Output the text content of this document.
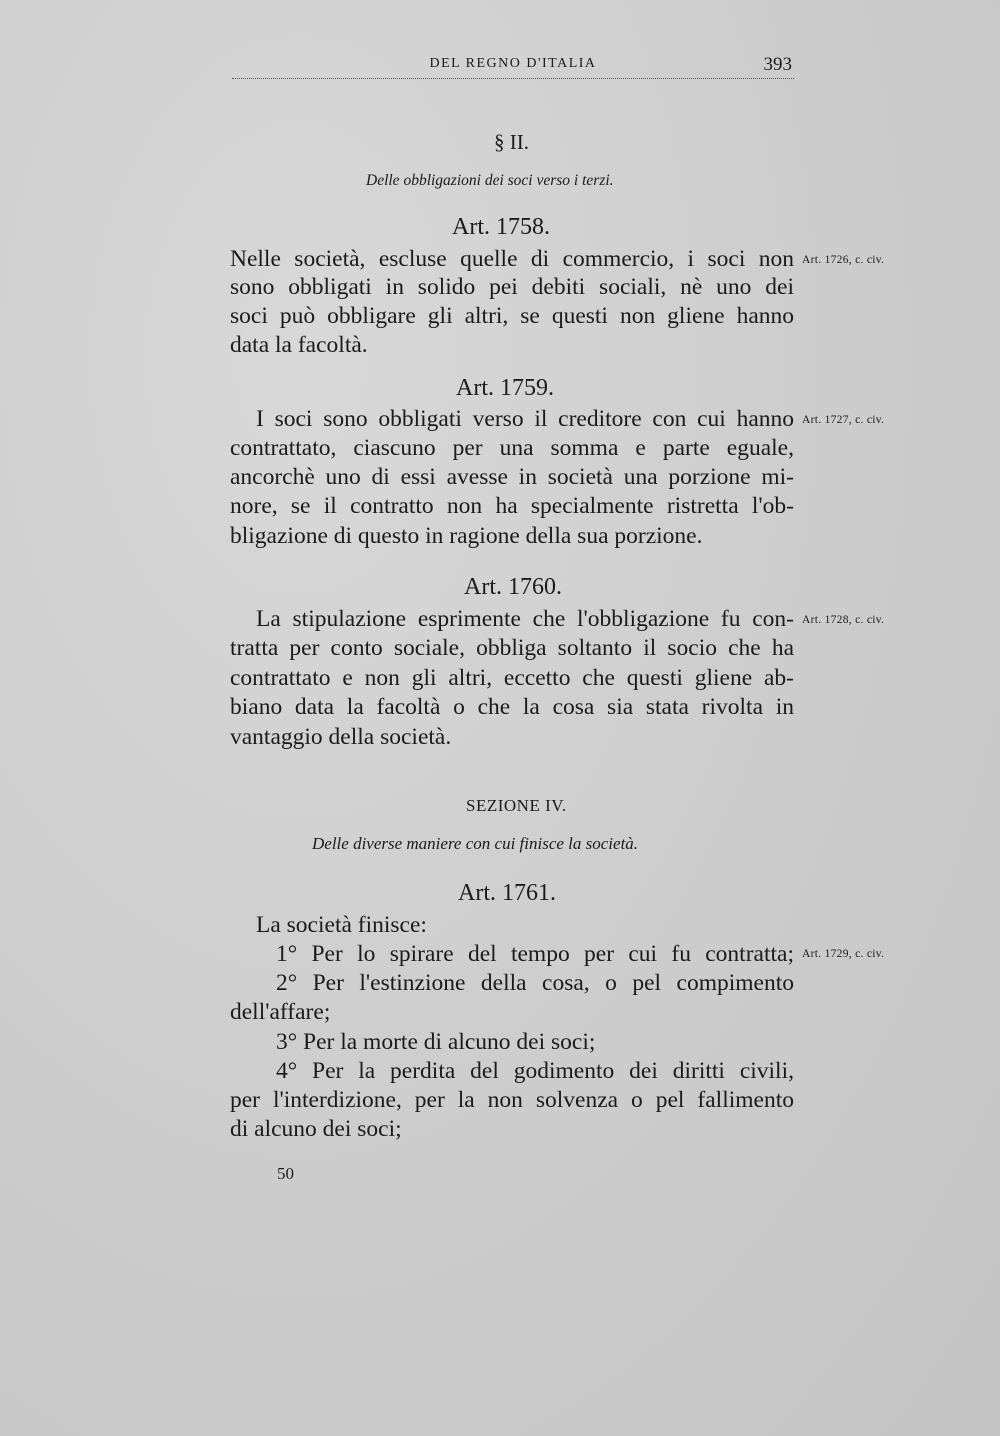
DEL REGNO D'ITALIA	393
§ II.
Delle obbligazioni dei soci verso i terzi.
Art. 1758.
Nelle società, escluse quelle di commercio, i soci non Art. 1726, c. civ.
sono obbligati in solido pei debiti sociali, nè uno dei
soci può obbligare gli altri, se questi non gliene hanno
data la facoltà.
Art. 1759.
I soci sono obbligati verso il creditore con cui hanno Art. 1727, c. civ.
contrattato, ciascuno per una somma e parte eguale,
ancorchè uno di essi avesse in società una porzione mi-
nore, se il contratto non ha specialmente ristretta l'ob-
bligazione di questo in ragione della sua porzione.
Art. 1760.
La stipulazione esprimente che l'obbligazione fu con- Art. 1728, c. civ.
tratta per conto sociale, obbliga soltanto il socio che ha
contrattato e non gli altri, eccetto che questi gliene ab-
biano data la facoltà o che la cosa sia stata rivolta in
vantaggio della società.
SEZIONE IV.
Delle diverse maniere con cui finisce la società.
Art. 1761.
La società finisce:
1° Per lo spirare del tempo per cui fu contratta; Art. 1729, c. civ.
2° Per l'estinzione della cosa, o pel compimento
dell'affare;
3° Per la morte di alcuno dei soci;
4° Per la perdita del godimento dei diritti civili,
per l'interdizione, per la non solvenza o pel fallimento
di alcuno dei soci;
50
